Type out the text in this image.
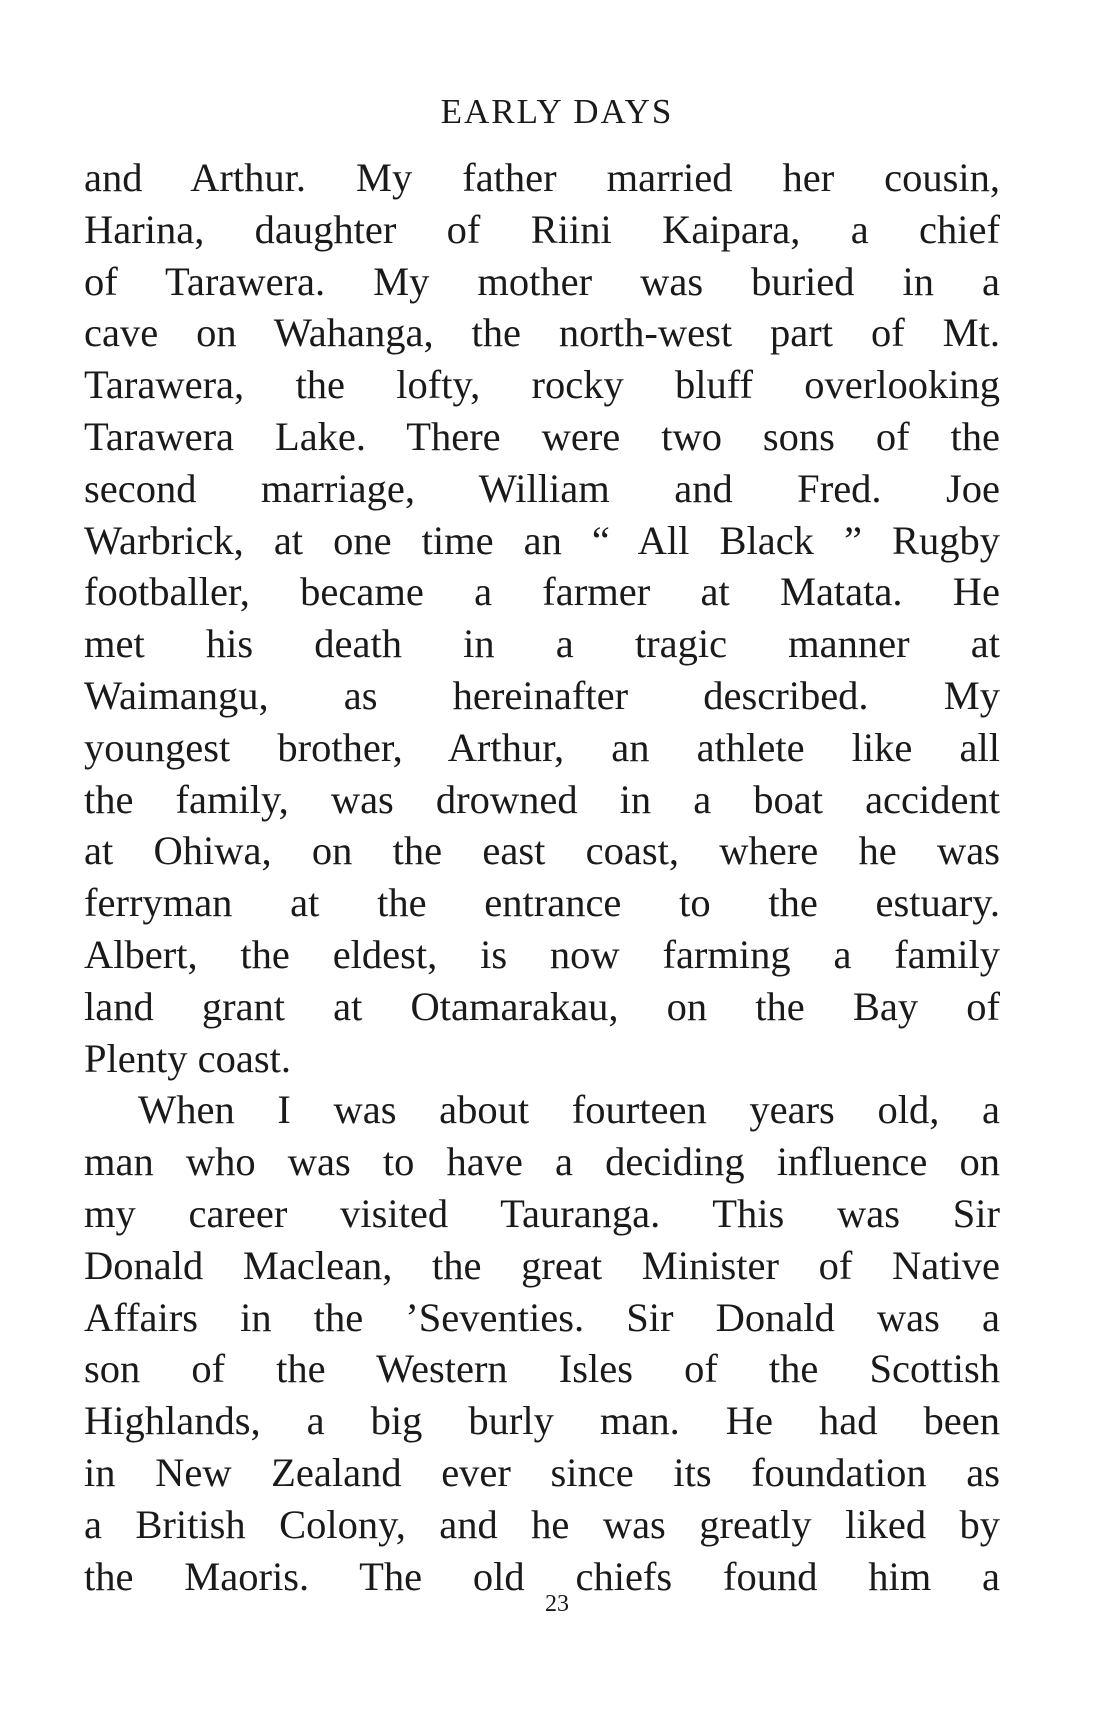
EARLY DAYS
and Arthur. My father married her cousin,
Harina, daughter of Riini Kaipara, a chief
of Tarawera. My mother was buried in a
cave on Wahanga, the north-west part of Mt.
Tarawera, the lofty, rocky bluff overlooking
Tarawera Lake. There were two sons of the
second marriage, William and Fred. Joe
Warbrick, at one time an “ All Black ” Rugby
footballer, became a farmer at Matata. He
met his death in a tragic manner at
Waimangu, as hereinafter described. My
youngest brother, Arthur, an athlete like all
the family, was drowned in a boat accident
at Ohiwa, on the east coast, where he was
ferryman at the entrance to the estuary.
Albert, the eldest, is now farming a family
land grant at Otamarakau, on the Bay of
Plenty coast.
When I was about fourteen years old, a
man who was to have a deciding influence on
my career visited Tauranga. This was Sir
Donald Maclean, the great Minister of Native
Affairs in the ’Seventies. Sir Donald was a
son of the Western Isles of the Scottish
Highlands, a big burly man. He had been
in New Zealand ever since its foundation as
a British Colony, and he was greatly liked by
the Maoris. The old chiefs found him a
23
